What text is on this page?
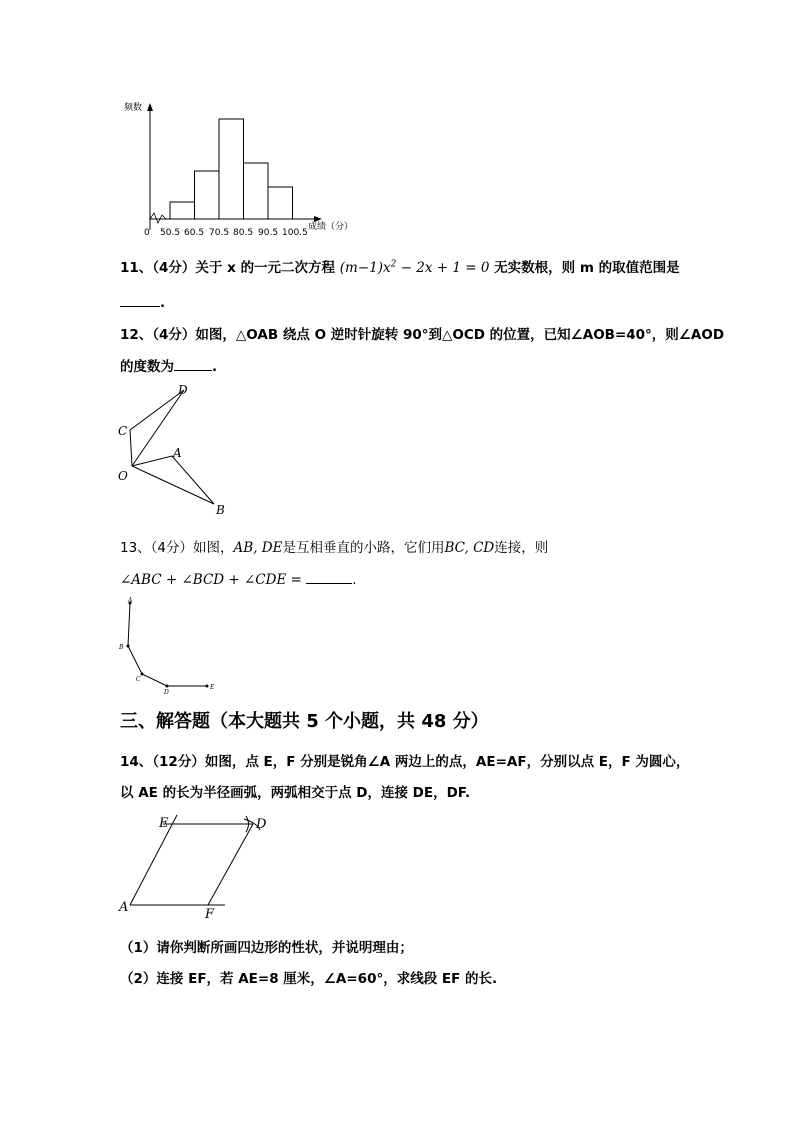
频数
0 50.5 60.5 70.5 80.5 90.5 100.5
成绩（分）
11、（4分）关于 x 的一元二次方程 $(m-1)x^2 - 2x + 1 = 0$ 无实数根，则 m 的取值范围是
.
12、（4分）如图，△OAB 绕点 O 逆时针旋转 90°到△OCD 的位置，已知∠AOB=40°，则∠AOD
的度数为	.
D
C
A
O
B
13、（4分）如图，AB, DE是互相垂直的小路，它们用BC, CD连接，则
∠ABC + ∠BCD + ∠CDE =	.
A
B
C
D
E
三、解答题（本大题共 5 个小题，共 48 分）
14、（12分）如图，点 E，F 分别是锐角∠A 两边上的点，AE=AF，分别以点 E，F 为圆心，
以 AE 的长为半径画弧，两弧相交于点 D，连接 DE，DF.
E	D
A	F
（1）请你判断所画四边形的性状，并说明理由；
（2）连接 EF，若 AE=8 厘米，∠A=60°，求线段 EF 的长.
